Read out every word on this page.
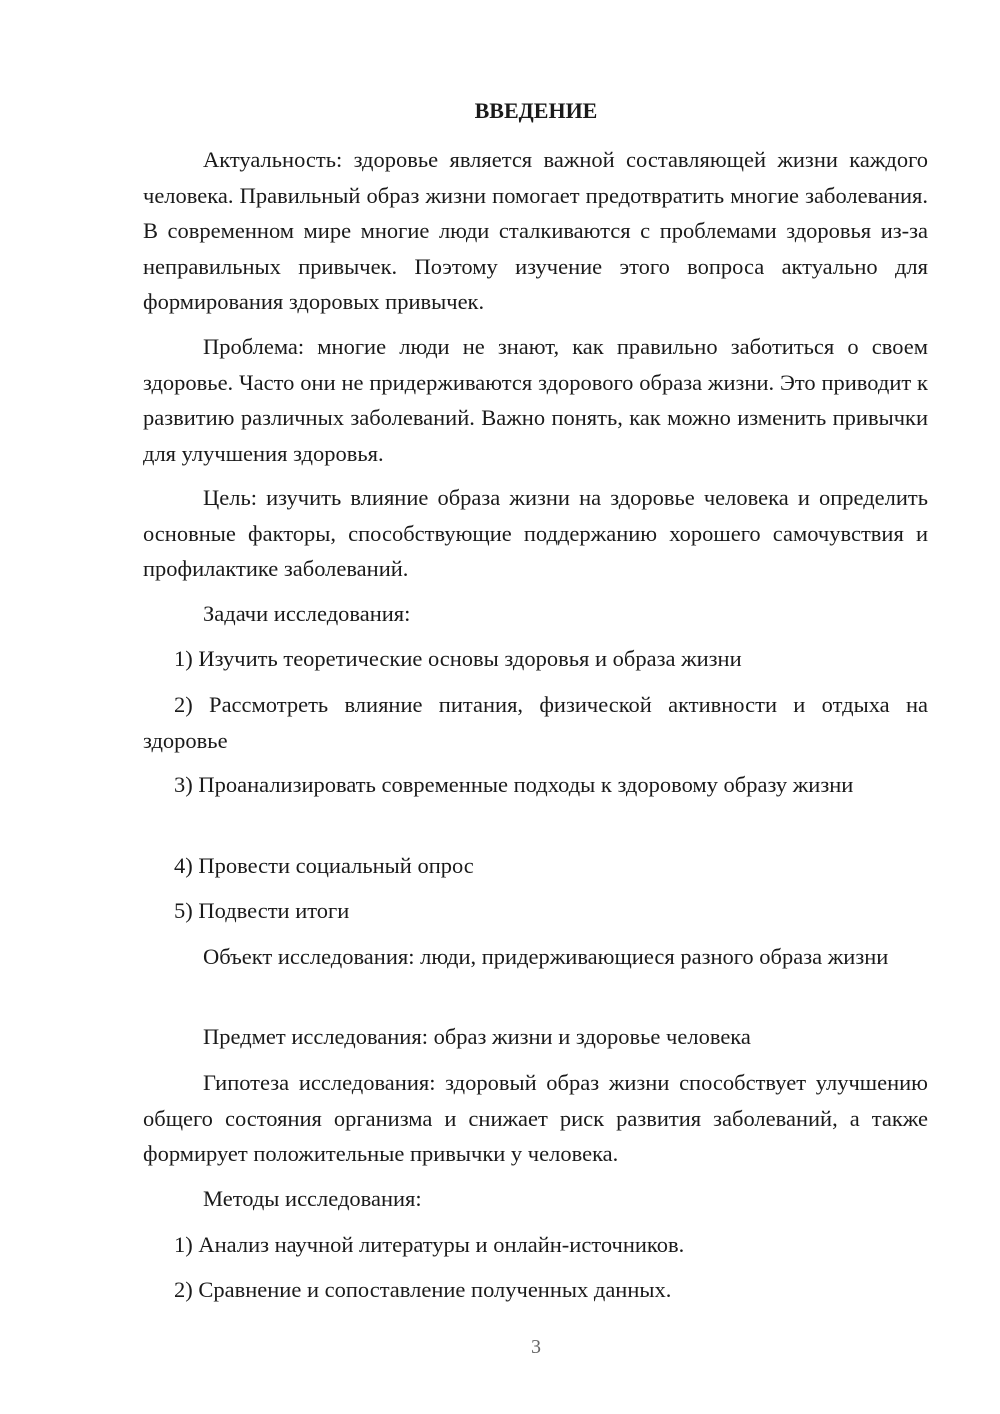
ВВЕДЕНИЕ

Актуальность: здоровье является важной составляющей жизни каждого человека. Правильный образ жизни помогает предотвратить многие заболевания. В современном мире многие люди сталкиваются с проблемами здоровья из-за неправильных привычек. Поэтому изучение этого вопроса актуально для формирования здоровых привычек.

Проблема: многие люди не знают, как правильно заботиться о своем здоровье. Часто они не придерживаются здорового образа жизни. Это приводит к развитию различных заболеваний. Важно понять, как можно изменить привычки для улучшения здоровья.

Цель: изучить влияние образа жизни на здоровье человека и определить основные факторы, способствующие поддержанию хорошего самочувствия и профилактике заболеваний.

Задачи исследования:

1) Изучить теоретические основы здоровья и образа жизни

2) Рассмотреть влияние питания, физической активности и отдыха на здоровье

3) Проанализировать современные подходы к здоровому образу жизни

4) Провести социальный опрос

5) Подвести итоги

Объект исследования: люди, придерживающиеся разного образа жизни

Предмет исследования: образ жизни и здоровье человека

Гипотеза исследования: здоровый образ жизни способствует улучшению общего состояния организма и снижает риск развития заболеваний, а также формирует положительные привычки у человека.

Методы исследования:

1) Анализ научной литературы и онлайн-источников.

2) Сравнение и сопоставление полученных данных.

3
